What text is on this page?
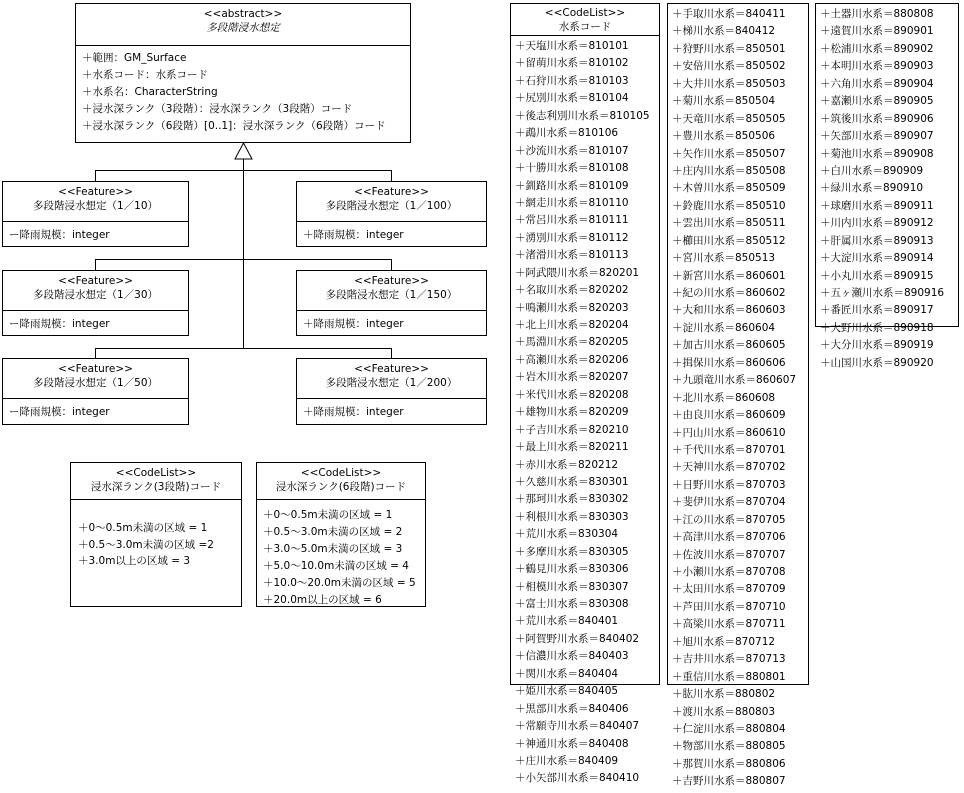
<<abstract>>
多段階浸水想定
＋範囲：GM_Surface
＋水系コード：水系コード
＋水系名：CharacterString
＋浸水深ランク（3段階）：浸水深ランク（3段階）コード
＋浸水深ランク（6段階）[0..1]：浸水深ランク（6段階）コード
<<Feature>>
多段階浸水想定（1／10）
ー降雨規模：integer
<<Feature>>
多段階浸水想定（1／100）
＋降雨規模：integer
<<Feature>>
多段階浸水想定（1／30）
ー降雨規模：integer
<<Feature>>
多段階浸水想定（1／150）
＋降雨規模：integer
<<Feature>>
多段階浸水想定（1／50）
ー降雨規模：integer
<<Feature>>
多段階浸水想定（1／200）
＋降雨規模：integer
<<CodeList>>
浸水深ランク(3段階)コード
＋0～0.5m未満の区域 = 1
＋0.5～3.0m未満の区域 =2
＋3.0m以上の区域 = 3
<<CodeList>>
浸水深ランク(6段階)コード
＋0～0.5m未満の区域 = 1
＋0.5～3.0m未満の区域 = 2
＋3.0～5.0m未満の区域 = 3
＋5.0～10.0m未満の区域 = 4
＋10.0～20.0m未満の区域 = 5
＋20.0m以上の区域 = 6
<<CodeList>>
水系コード
＋天塩川水系＝810101
＋留萌川水系＝810102
＋石狩川水系＝810103
＋尻別川水系＝810104
＋後志利別川水系＝810105
＋鵡川水系＝810106
＋沙流川水系＝810107
＋十勝川水系＝810108
＋釧路川水系＝810109
＋網走川水系＝810110
＋常呂川水系＝810111
＋湧別川水系＝810112
＋渚滑川水系＝810113
＋阿武隈川水系＝820201
＋名取川水系＝820202
＋鳴瀬川水系＝820203
＋北上川水系＝820204
＋馬淵川水系＝820205
＋高瀬川水系＝820206
＋岩木川水系＝820207
＋米代川水系＝820208
＋雄物川水系＝820209
＋子吉川水系＝820210
＋最上川水系＝820211
＋赤川水系＝820212
＋久慈川水系＝830301
＋那珂川水系＝830302
＋利根川水系＝830303
＋荒川水系＝830304
＋多摩川水系＝830305
＋鶴見川水系＝830306
＋相模川水系＝830307
＋富士川水系＝830308
＋荒川水系＝840401
＋阿賀野川水系＝840402
＋信濃川水系＝840403
＋関川水系＝840404
＋姫川水系＝840405
＋黒部川水系＝840406
＋常願寺川水系＝840407
＋神通川水系＝840408
＋庄川水系＝840409
＋小矢部川水系＝840410
＋手取川水系＝840411
＋梯川水系＝840412
＋狩野川水系＝850501
＋安倍川水系＝850502
＋大井川水系＝850503
＋菊川水系＝850504
＋天竜川水系＝850505
＋豊川水系＝850506
＋矢作川水系＝850507
＋庄内川水系＝850508
＋木曽川水系＝850509
＋鈴鹿川水系＝850510
＋雲出川水系＝850511
＋櫛田川水系＝850512
＋宮川水系＝850513
＋新宮川水系＝860601
＋紀の川水系＝860602
＋大和川水系＝860603
＋淀川水系＝860604
＋加古川水系＝860605
＋揖保川水系＝860606
＋九頭竜川水系＝860607
＋北川水系＝860608
＋由良川水系＝860609
＋円山川水系＝860610
＋千代川水系＝870701
＋天神川水系＝870702
＋日野川水系＝870703
＋斐伊川水系＝870704
＋江の川水系＝870705
＋高津川水系＝870706
＋佐波川水系＝870707
＋小瀬川水系＝870708
＋太田川水系＝870709
＋芦田川水系＝870710
＋高梁川水系＝870711
＋旭川水系＝870712
＋吉井川水系＝870713
＋重信川水系＝880801
＋肱川水系＝880802
＋渡川水系＝880803
＋仁淀川水系＝880804
＋物部川水系＝880805
＋那賀川水系＝880806
＋吉野川水系＝880807
＋土器川水系＝880808
＋遠賀川水系＝890901
＋松浦川水系＝890902
＋本明川水系＝890903
＋六角川水系＝890904
＋嘉瀬川水系＝890905
＋筑後川水系＝890906
＋矢部川水系＝890907
＋菊池川水系＝890908
＋白川水系＝890909
＋緑川水系＝890910
＋球磨川水系＝890911
＋川内川水系＝890912
＋肝属川水系＝890913
＋大淀川水系＝890914
＋小丸川水系＝890915
＋五ヶ瀬川水系＝890916
＋番匠川水系＝890917
＋大野川水系＝890918
＋大分川水系＝890919
＋山国川水系＝890920
